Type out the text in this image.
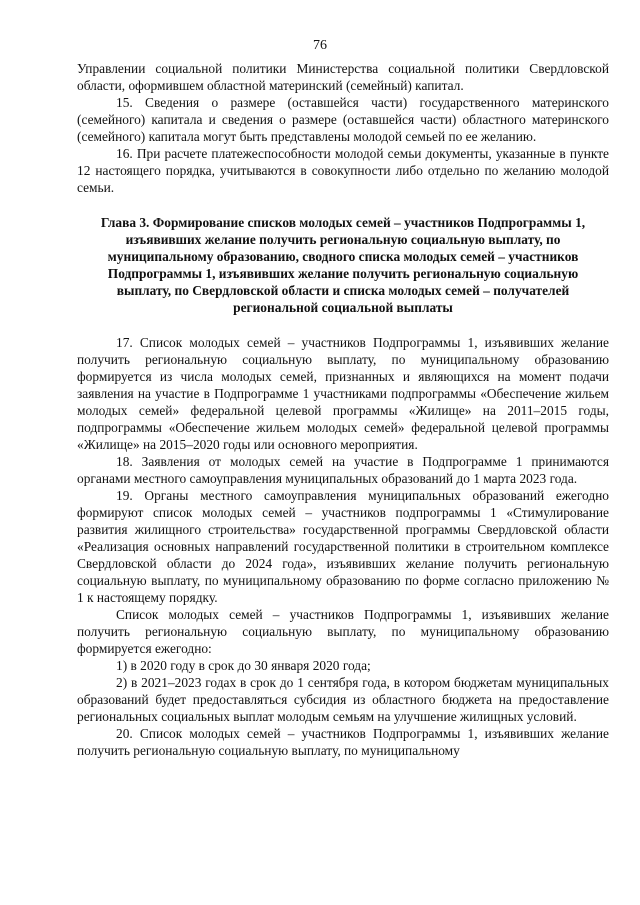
76

Управлении социальной политики Министерства социальной политики Свердловской области, оформившем областной материнский (семейный) капитал.

15. Сведения о размере (оставшейся части) государственного материнского (семейного) капитала и сведения о размере (оставшейся части) областного материнского (семейного) капитала могут быть представлены молодой семьей по ее желанию.

16. При расчете платежеспособности молодой семьи документы, указанные в пункте 12 настоящего порядка, учитываются в совокупности либо отдельно по желанию молодой семьи.

Глава 3. Формирование списков молодых семей – участников Подпрограммы 1, изъявивших желание получить региональную социальную выплату, по муниципальному образованию, сводного списка молодых семей – участников Подпрограммы 1, изъявивших желание получить региональную социальную выплату, по Свердловской области и списка молодых семей – получателей региональной социальной выплаты

17. Список молодых семей – участников Подпрограммы 1, изъявивших желание получить региональную социальную выплату, по муниципальному образованию формируется из числа молодых семей, признанных и являющихся на момент подачи заявления на участие в Подпрограмме 1 участниками подпрограммы «Обеспечение жильем молодых семей» федеральной целевой программы «Жилище» на 2011–2015 годы, подпрограммы «Обеспечение жильем молодых семей» федеральной целевой программы «Жилище» на 2015–2020 годы или основного мероприятия.

18. Заявления от молодых семей на участие в Подпрограмме 1 принимаются органами местного самоуправления муниципальных образований до 1 марта 2023 года.

19. Органы местного самоуправления муниципальных образований ежегодно формируют список молодых семей – участников подпрограммы 1 «Стимулирование развития жилищного строительства» государственной программы Свердловской области «Реализация основных направлений государственной политики в строительном комплексе Свердловской области до 2024 года», изъявивших желание получить региональную социальную выплату, по муниципальному образованию по форме согласно приложению № 1 к настоящему порядку.

Список молодых семей – участников Подпрограммы 1, изъявивших желание получить региональную социальную выплату, по муниципальному образованию формируется ежегодно:

1) в 2020 году в срок до 30 января 2020 года;

2) в 2021–2023 годах в срок до 1 сентября года, в котором бюджетам муниципальных образований будет предоставляться субсидия из областного бюджета на предоставление региональных социальных выплат молодым семьям на улучшение жилищных условий.

20. Список молодых семей – участников Подпрограммы 1, изъявивших желание получить региональную социальную выплату, по муниципальному
